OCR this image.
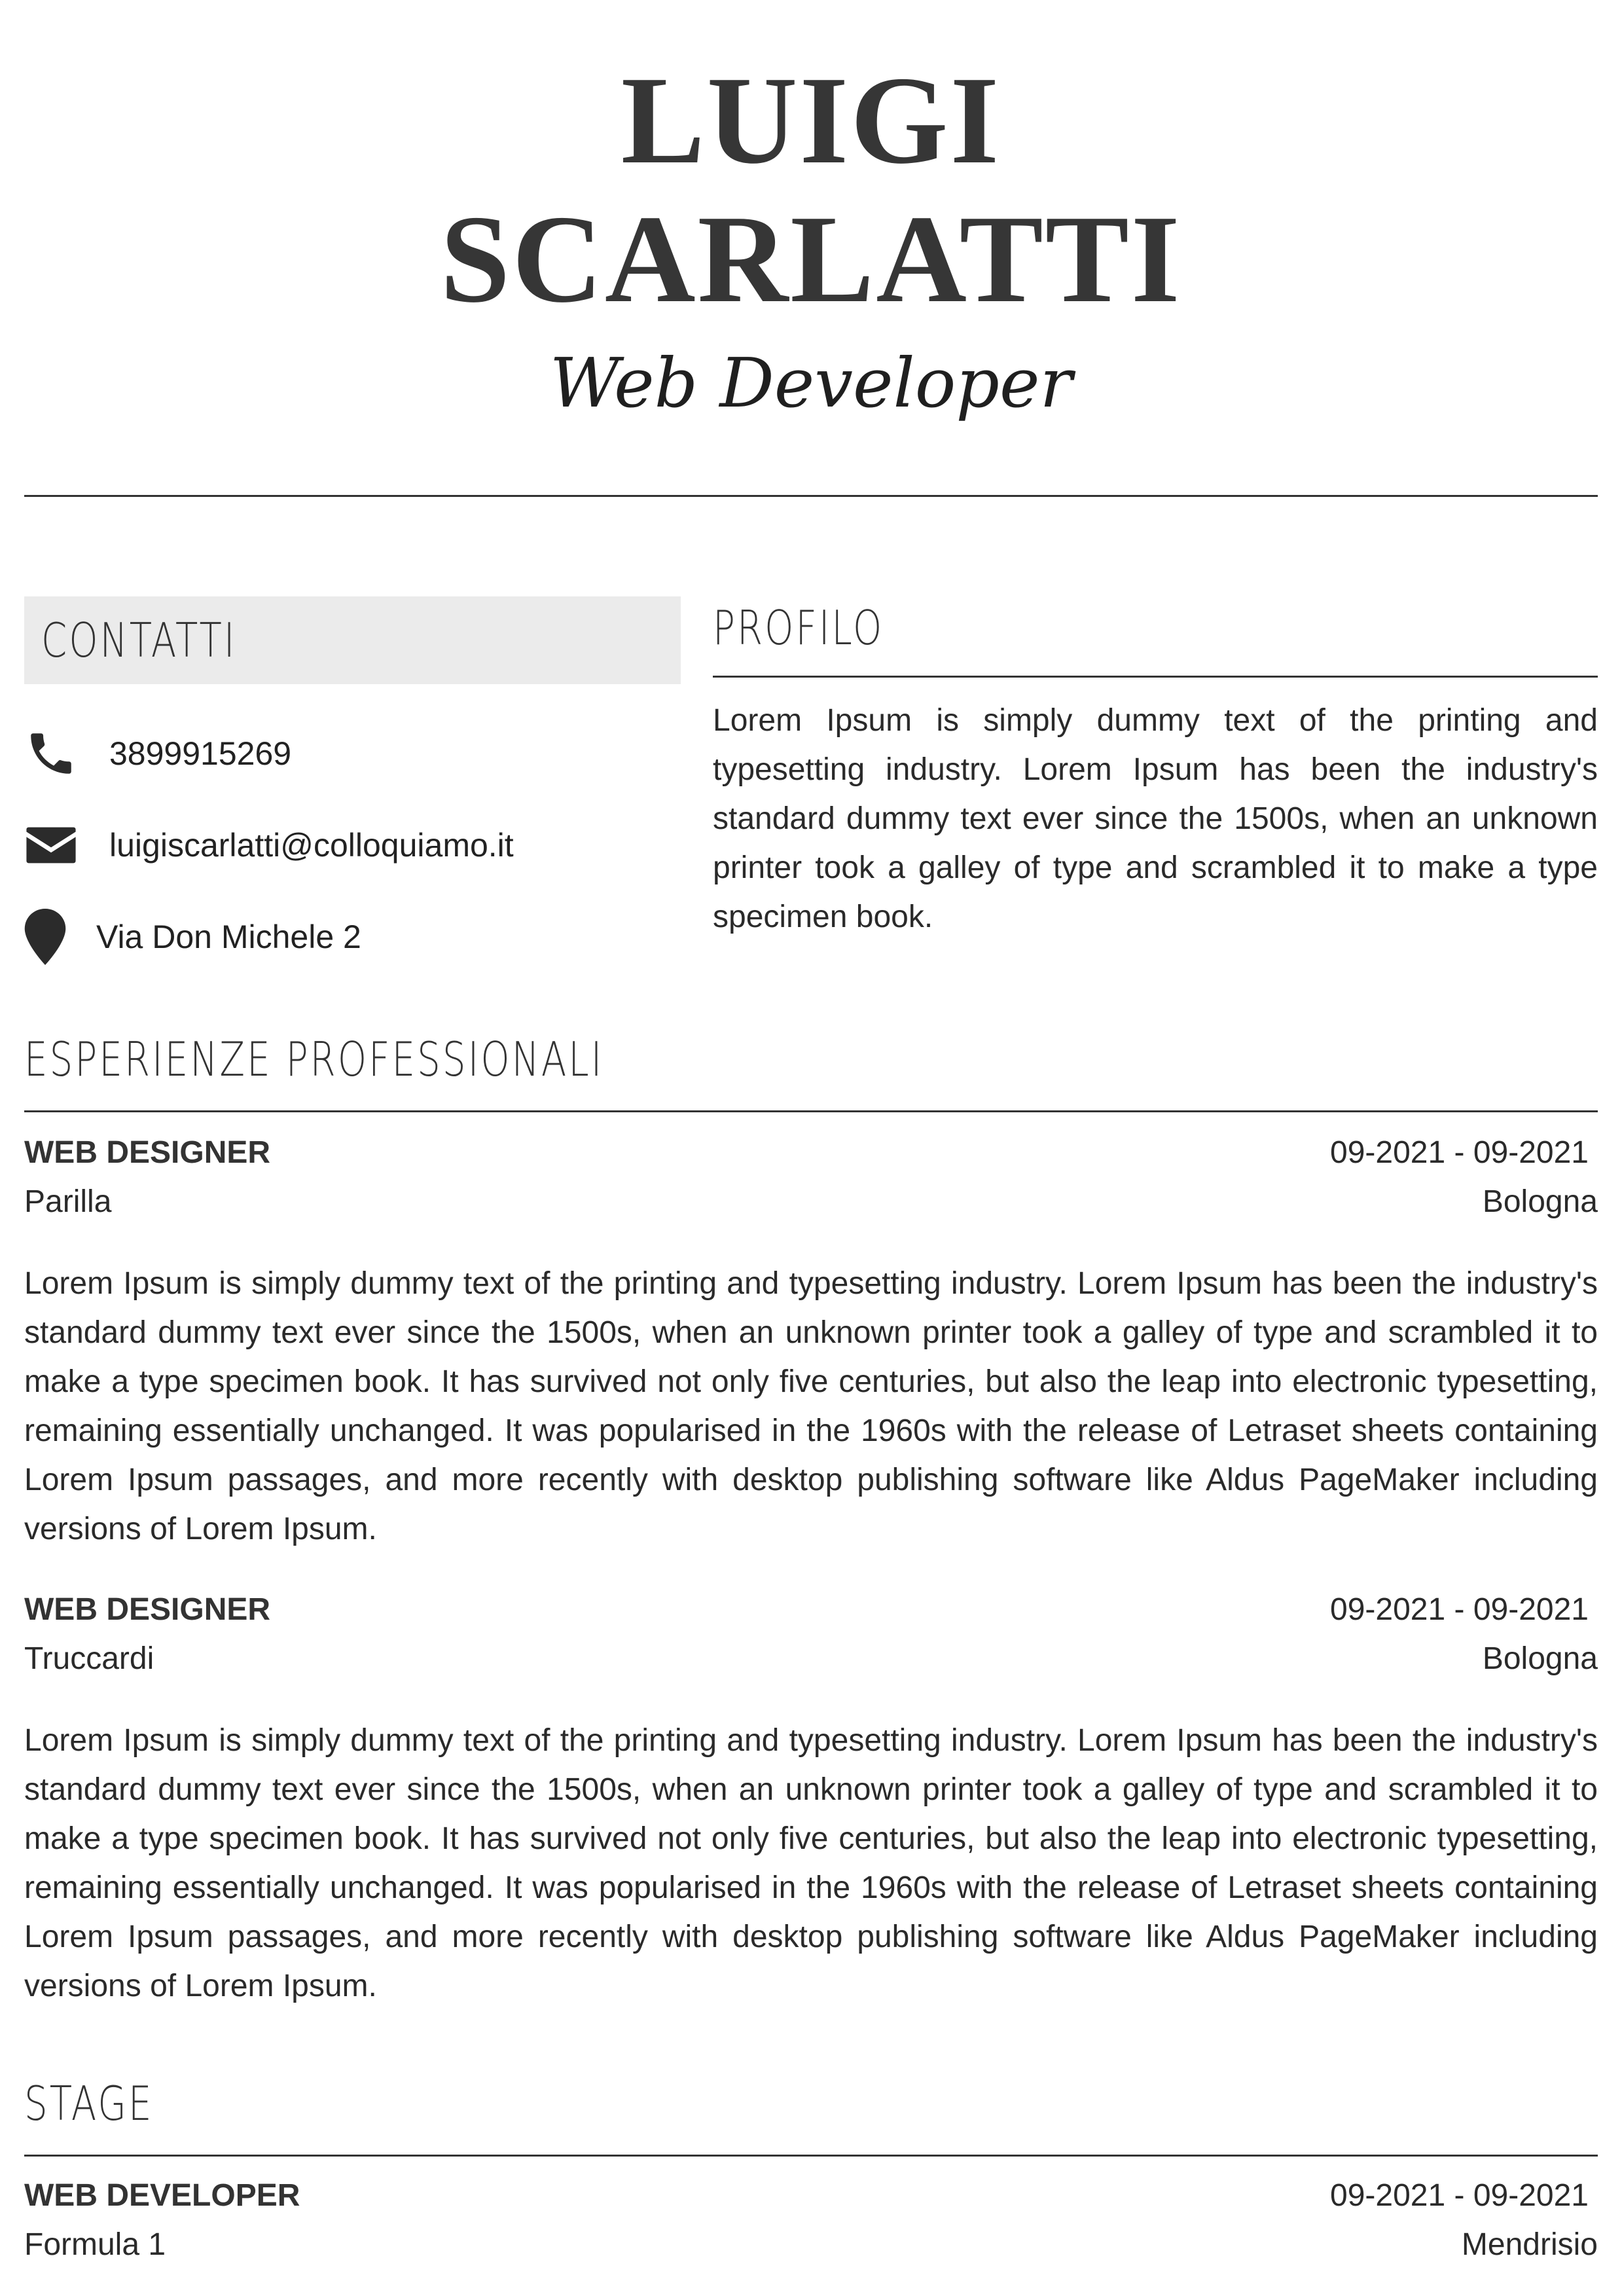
LUIGI
SCARLATTI
Web Developer
CONTATTI
3899915269
luigiscarlatti@colloquiamo.it
Via Don Michele 2
PROFILO
Lorem Ipsum is simply dummy text of the printing and typesetting industry. Lorem Ipsum has been the industry's standard dummy text ever since the 1500s, when an unknown printer took a galley of type and scrambled it to make a type specimen book.
ESPERIENZE PROFESSIONALI
WEB DESIGNER	09-2021 - 09-2021
Parilla	Bologna
Lorem Ipsum is simply dummy text of the printing and typesetting industry. Lorem Ipsum has been the industry's standard dummy text ever since the 1500s, when an unknown printer took a galley of type and scrambled it to make a type specimen book. It has survived not only five centuries, but also the leap into electronic typesetting, remaining essentially unchanged. It was popularised in the 1960s with the release of Letraset sheets containing Lorem Ipsum passages, and more recently with desktop publishing software like Aldus PageMaker including versions of Lorem Ipsum.
WEB DESIGNER	09-2021 - 09-2021
Truccardi	Bologna
Lorem Ipsum is simply dummy text of the printing and typesetting industry. Lorem Ipsum has been the industry's standard dummy text ever since the 1500s, when an unknown printer took a galley of type and scrambled it to make a type specimen book. It has survived not only five centuries, but also the leap into electronic typesetting, remaining essentially unchanged. It was popularised in the 1960s with the release of Letraset sheets containing Lorem Ipsum passages, and more recently with desktop publishing software like Aldus PageMaker including versions of Lorem Ipsum.
STAGE
WEB DEVELOPER	09-2021 - 09-2021
Formula 1	Mendrisio
